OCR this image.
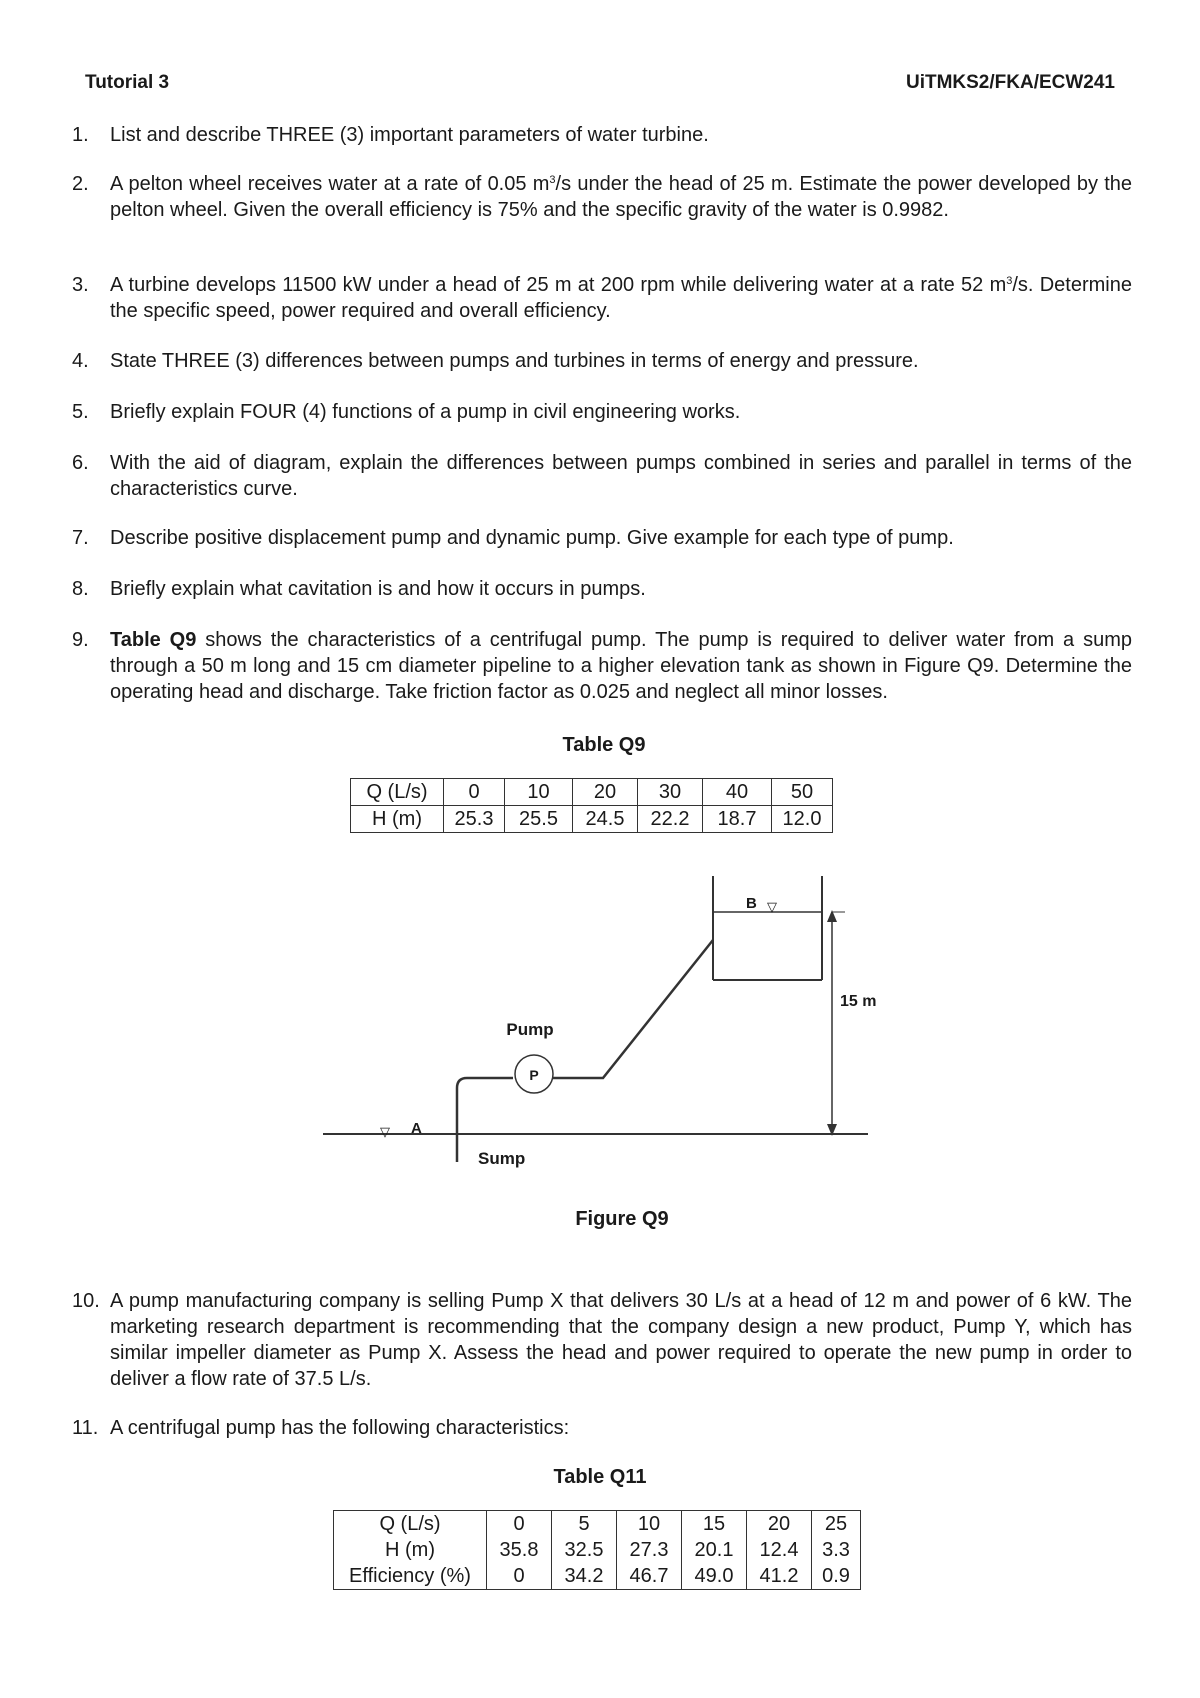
Tutorial 3	UiTMKS2/FKA/ECW241
1. List and describe THREE (3) important parameters of water turbine.
2. A pelton wheel receives water at a rate of 0.05 $m^3/s$ under the head of 25 m. Estimate the power developed by the pelton wheel. Given the overall efficiency is 75% and the specific gravity of the water is 0.9982.
3. A turbine develops 11500 kW under a head of 25 m at 200 rpm while delivering water at a rate 52 $m^3/s$. Determine the specific speed, power required and overall efficiency.
4. State THREE (3) differences between pumps and turbines in terms of energy and pressure.
5. Briefly explain FOUR (4) functions of a pump in civil engineering works.
6. With the aid of diagram, explain the differences between pumps combined in series and parallel in terms of the characteristics curve.
7. Describe positive displacement pump and dynamic pump. Give example for each type of pump.
8. Briefly explain what cavitation is and how it occurs in pumps.
9. Table Q9 shows the characteristics of a centrifugal pump. The pump is required to deliver water from a sump through a 50 m long and 15 cm diameter pipeline to a higher elevation tank as shown in Figure Q9. Determine the operating head and discharge. Take friction factor as 0.025 and neglect all minor losses.
Table Q9
Q (L/s)	0	10	20	30	40	50
H (m)	25.3	25.5	24.5	22.2	18.7	12.0
P
Pump
15 m
B ▽
▽ A
Sump
Figure Q9
10. A pump manufacturing company is selling Pump X that delivers 30 L/s at a head of 12 m and power of 6 kW. The marketing research department is recommending that the company design a new product, Pump Y, which has similar impeller diameter as Pump X. Assess the head and power required to operate the new pump in order to deliver a flow rate of 37.5 L/s.
11. A centrifugal pump has the following characteristics:
Table Q11
Q (L/s)	0	5	10	15	20	25
H (m)	35.8	32.5	27.3	20.1	12.4	3.3
Efficiency (%)	0	34.2	46.7	49.0	41.2	0.9
